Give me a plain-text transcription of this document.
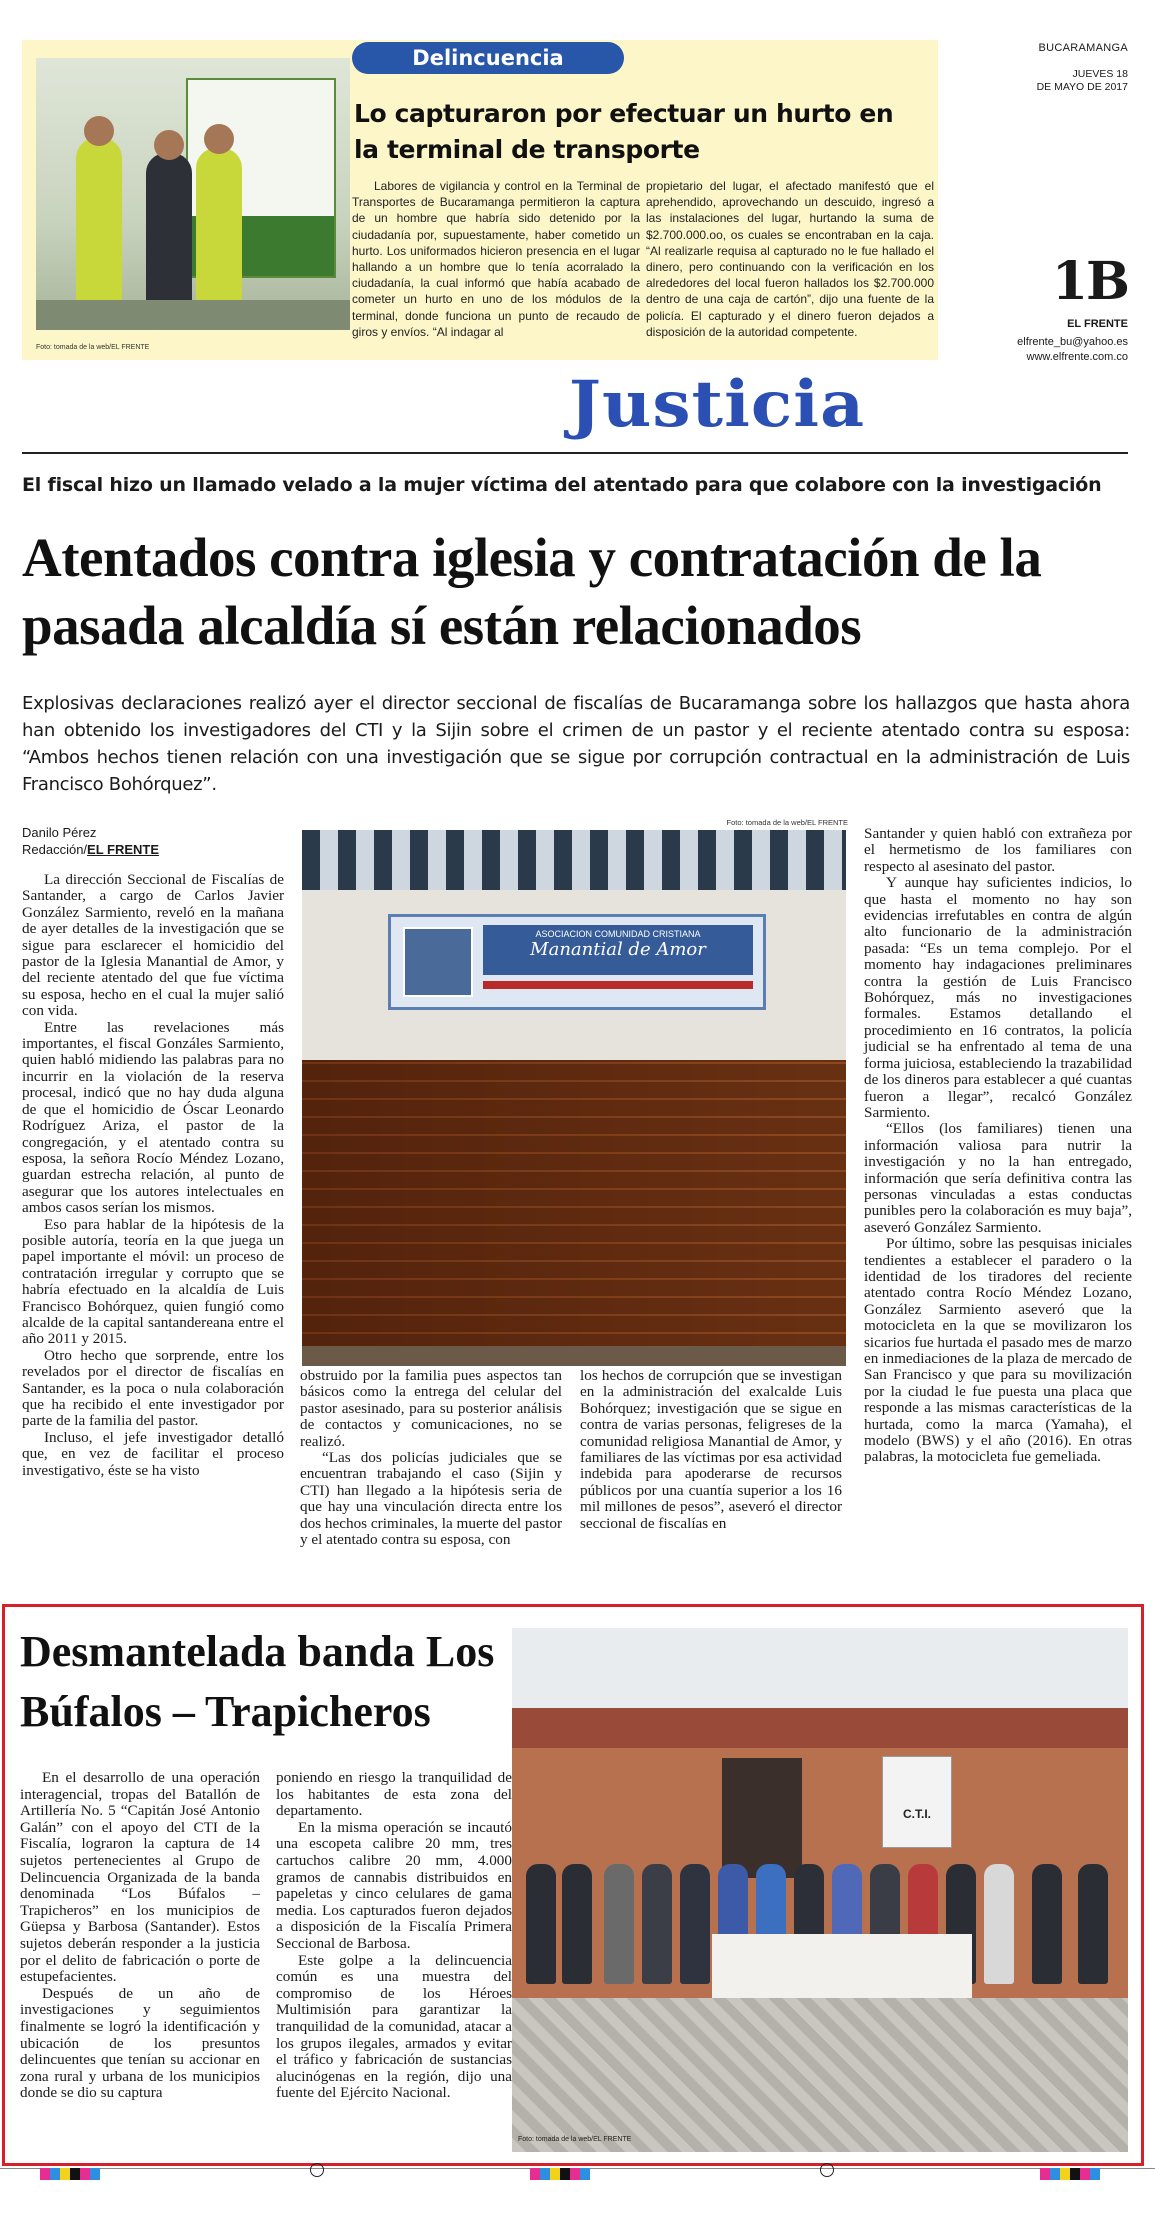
Foto: tomada de la web/EL FRENTE
Delincuencia
Lo capturaron por efectuar un hurto en la terminal de transporte

Labores de vigilancia y control en la Terminal de Transportes de Bucaramanga permitieron la captura de un hombre que habría sido detenido por la ciudadanía por, supuestamente, haber cometido un hurto. Los uniformados hicieron presencia en el lugar hallando a un hombre que lo tenía acorralado la ciudadanía, la cual informó que había acabado de cometer un hurto en uno de los módulos de la terminal, donde funciona un punto de recaudo de giros y envíos. “Al indagar al

propietario del lugar, el afectado manifestó que el aprehendido, aprovechando un descuido, ingresó a las instalaciones del lugar, hurtando la suma de $2.700.000.oo, os cuales se encontraban en la caja. “Al realizarle requisa al capturado no le fue hallado el dinero, pero continuando con la verificación en los alrededores del local fueron hallados los $2.700.000 dentro de una caja de cartón”, dijo una fuente de la policía. El capturado y el dinero fueron dejados a disposición de la autoridad competente.

BUCARAMANGA
JUEVES 18
DE MAYO DE 2017
1B
EL FRENTE
elfrente_bu@yahoo.es
www.elfrente.com.co
Justicia
El fiscal hizo un llamado velado a la mujer víctima del atentado para que colabore con la investigación
Atentados contra iglesia y contratación de la pasada alcaldía sí están relacionados

Explosivas declaraciones realizó ayer el director seccional de fiscalías de Bucaramanga sobre los hallazgos que hasta ahora han obtenido los investigadores del CTI y la Sijin sobre el crimen de un pastor y el reciente atentado contra su esposa: “Ambos hechos tienen relación con una investigación que se sigue por corrupción contractual en la administración de Luis Francisco Bohórquez”.

Danilo Pérez
Redacción/EL FRENTE

La dirección Seccional de Fiscalías de Santander, a cargo de Carlos Javier González Sarmiento, reveló en la mañana de ayer detalles de la investigación que se sigue para esclarecer el homicidio del pastor de la Iglesia Manantial de Amor, y del reciente atentado del que fue víctima su esposa, hecho en el cual la mujer salió con vida.

Entre las revelaciones más importantes, el fiscal Gonzáles Sarmiento, quien habló midiendo las palabras para no incurrir en la violación de la reserva procesal, indicó que no hay duda alguna de que el homicidio de Óscar Leonardo Rodríguez Ariza, el pastor de la congregación, y el atentado contra su esposa, la señora Rocío Méndez Lozano, guardan estrecha relación, al punto de asegurar que los autores intelectuales en ambos casos serían los mismos.

Eso para hablar de la hipótesis de la posible autoría, teoría en la que juega un papel importante el móvil: un proceso de contratación irregular y corrupto que se habría efectuado en la alcaldía de Luis Francisco Bohórquez, quien fungió como alcalde de la capital santandereana entre el año 2011 y 2015.

Otro hecho que sorprende, entre los revelados por el director de fiscalías en Santander, es la poca o nula colaboración que ha recibido el ente investigador por parte de la familia del pastor.

Incluso, el jefe investigador detalló que, en vez de facilitar el proceso investigativo, éste se ha visto

Foto: tomada de la web/EL FRENTE
ASOCIACION COMUNIDAD CRISTIANA
Manantial de Amor

obstruido por la familia pues aspectos tan básicos como la entrega del celular del pastor asesinado, para su posterior análisis de contactos y comunicaciones, no se realizó.

“Las dos policías judiciales que se encuentran trabajando el caso (Sijin y CTI) han llegado a la hipótesis seria de que hay una vinculación directa entre los dos hechos criminales, la muerte del pastor y el atentado contra su esposa, con

los hechos de corrupción que se investigan en la administración del exalcalde Luis Bohórquez; investigación que se sigue en contra de varias personas, feligreses de la comunidad religiosa Manantial de Amor, y familiares de las víctimas por esa actividad indebida para apoderarse de recursos públicos por una cuantía superior a los 16 mil millones de pesos”, aseveró el director seccional de fiscalías en

Santander y quien habló con extrañeza por el hermetismo de los familiares con respecto al asesinato del pastor.

Y aunque hay suficientes indicios, lo que hasta el momento no hay son evidencias irrefutables en contra de algún alto funcionario de la administración pasada: “Es un tema complejo. Por el momento hay indagaciones preliminares contra la gestión de Luis Francisco Bohórquez, más no investigaciones formales. Estamos detallando el procedimiento en 16 contratos, la policía judicial se ha enfrentado al tema de una forma juiciosa, estableciendo la trazabilidad de los dineros para establecer a qué cuantas fueron a llegar”, recalcó González Sarmiento.

“Ellos (los familiares) tienen una información valiosa para nutrir la investigación y no la han entregado, información que sería definitiva contra las personas vinculadas a estas conductas punibles pero la colaboración es muy baja”, aseveró González Sarmiento.

Por último, sobre las pesquisas iniciales tendientes a establecer el paradero o la identidad de los tiradores del reciente atentado contra Rocío Méndez Lozano, González Sarmiento aseveró que la motocicleta en la que se movilizaron los sicarios fue hurtada el pasado mes de marzo en inmediaciones de la plaza de mercado de San Francisco y que para su movilización por la ciudad le fue puesta una placa que responde a las mismas características de la hurtada, como la marca (Yamaha), el modelo (BWS) y el año (2016). En otras palabras, la motocicleta fue gemeliada.

Desmantelada banda Los Búfalos – Trapicheros

En el desarrollo de una operación interagencial, tropas del Batallón de Artillería No. 5 “Capitán José Antonio Galán” con el apoyo del CTI de la Fiscalía, lograron la captura de 14 sujetos pertenecientes al Grupo de Delincuencia Organizada de la banda denominada “Los Búfalos – Trapicheros” en los municipios de Güepsa y Barbosa (Santander). Estos sujetos deberán responder a la justicia por el delito de fabricación o porte de estupefacientes.

Después de un año de investigaciones y seguimientos finalmente se logró la identificación y ubicación de los presuntos delincuentes que tenían su accionar en zona rural y urbana de los municipios donde se dio su captura

poniendo en riesgo la tranquilidad de los habitantes de esta zona del departamento.

En la misma operación se incautó una escopeta calibre 20 mm, tres cartuchos calibre 20 mm, 4.000 gramos de cannabis distribuidos en papeletas y cinco celulares de gama media. Los capturados fueron dejados a disposición de la Fiscalía Primera Seccional de Barbosa.

Este golpe a la delincuencia común es una muestra del compromiso de los Héroes Multimisión para garantizar la tranquilidad de la comunidad, atacar a los grupos ilegales, armados y evitar el tráfico y fabricación de sustancias alucinógenas en la región, dijo una fuente del Ejército Nacional.

C.T.I.
Foto: tomada de la web/EL FRENTE
